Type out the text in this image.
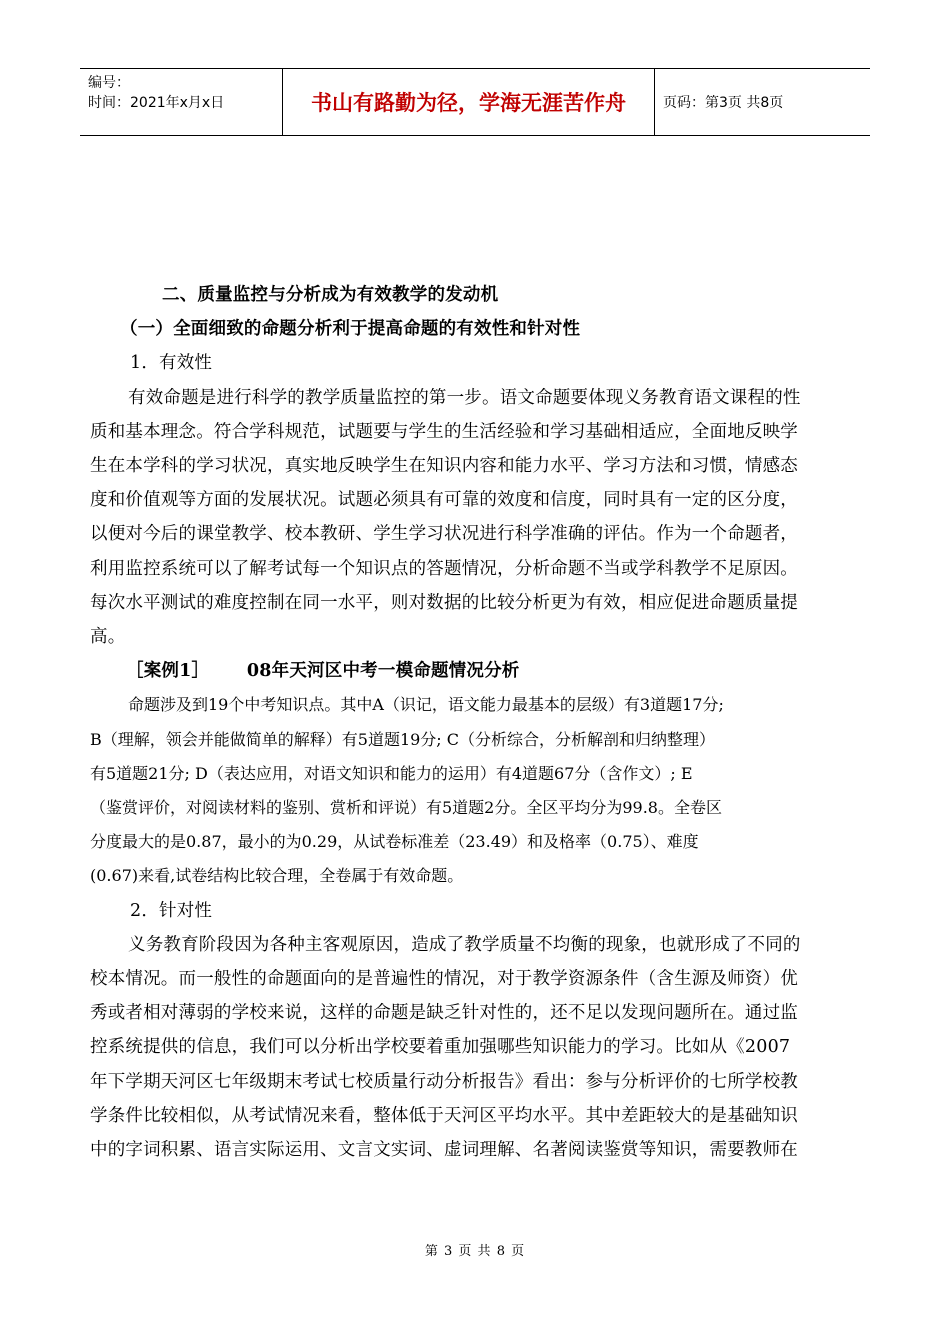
编号：
时间：2021年x月x日	书山有路勤为径，学海无涯苦作舟	页码：第3页 共8页
二、质量监控与分析成为有效教学的发动机
（一）全面细致的命题分析利于提高命题的有效性和针对性
1．有效性
有效命题是进行科学的教学质量监控的第一步。语文命题要体现义务教育语文课程的性
质和基本理念。符合学科规范，试题要与学生的生活经验和学习基础相适应，全面地反映学
生在本学科的学习状况，真实地反映学生在知识内容和能力水平、学习方法和习惯，情感态
度和价值观等方面的发展状况。试题必须具有可靠的效度和信度，同时具有一定的区分度，
以便对今后的课堂教学、校本教研、学生学习状况进行科学准确的评估。作为一个命题者，
利用监控系统可以了解考试每一个知识点的答题情况，分析命题不当或学科教学不足原因。
每次水平测试的难度控制在同一水平，则对数据的比较分析更为有效，相应促进命题质量提
高。
［案例1］      08年天河区中考一模命题情况分析
命题涉及到19个中考知识点。其中A（识记，语文能力最基本的层级）有3道题17分;
B（理解，领会并能做简单的解释）有5道题19分; C（分析综合，分析解剖和归纳整理）
有5道题21分; D（表达应用，对语文知识和能力的运用）有4道题67分（含作文）; E
（鉴赏评价，对阅读材料的鉴别、赏析和评说）有5道题2分。全区平均分为99.8。全卷区
分度最大的是0.87，最小的为0.29，从试卷标准差（23.49）和及格率（0.75）、难度
(0.67)来看,试卷结构比较合理，全卷属于有效命题。
2．针对性
义务教育阶段因为各种主客观原因，造成了教学质量不均衡的现象，也就形成了不同的
校本情况。而一般性的命题面向的是普遍性的情况，对于教学资源条件（含生源及师资）优
秀或者相对薄弱的学校来说，这样的命题是缺乏针对性的，还不足以发现问题所在。通过监
控系统提供的信息，我们可以分析出学校要着重加强哪些知识能力的学习。比如从《2007
年下学期天河区七年级期末考试七校质量行动分析报告》看出：参与分析评价的七所学校教
学条件比较相似，从考试情况来看，整体低于天河区平均水平。其中差距较大的是基础知识
中的字词积累、语言实际运用、文言文实词、虚词理解、名著阅读鉴赏等知识，需要教师在
第 3 页 共 8 页
